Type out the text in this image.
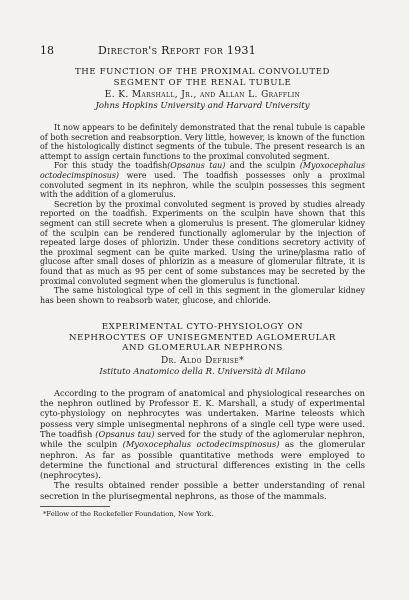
18	Director's Report for 1931
THE FUNCTION OF THE PROXIMAL CONVOLUTED
SEGMENT OF THE RENAL TUBULE
E. K. Marshall, Jr., and Allan L. Grafflin
Johns Hopkins University and Harvard University

It now appears to be definitely demonstrated that the renal tubule is capable of both secretion and reabsorption. Very little, however, is known of the function of the histologically distinct segments of the tubule. The present research is an attempt to assign certain functions to the proximal convoluted segment.

For this study the toadfish(Opsanus tau) and the sculpin (Myoxocephalus octodecimspinosus) were used. The toadfish possesses only a proximal convoluted segment in its nephron, while the sculpin possesses this segment with the addition of a glomerulus.

Secretion by the proximal convoluted segment is proved by studies already reported on the toadfish. Experiments on the sculpin have shown that this segment can still secrete when a glomerulus is present. The glomerular kidney of the sculpin can be rendered functionally aglomerular by the injection of repeated large doses of phlorizin. Under these conditions secretory activity of the proximal segment can be quite marked. Using the urine/plasma ratio of glucose after small doses of phlorizin as a measure of glomerular filtrate, it is found that as much as 95 per cent of some substances may be secreted by the proximal convoluted segment when the glomerulus is functional.

The same histological type of cell in this segment in the glomerular kidney has been shown to reabsorb water, glucose, and chloride.

EXPERIMENTAL CYTO-PHYSIOLOGY ON
NEPHROCYTES OF UNISEGMENTED AGLOMERULAR
AND GLOMERULAR NEPHRONS
Dr. Aldo Defrise*
Istituto Anatomico della R. Università di Milano

According to the program of anatomical and physiological researches on the nephron outlined by Professor E. K. Marshall, a study of experimental cyto-physiology on nephrocytes was undertaken. Marine teleosts which possess very simple unisegmental nephrons of a single cell type were used. The toadfish (Opsanus tau) served for the study of the aglomerular nephron, while the sculpin (Myoxocephalus octodecimspinosus) as the glomerular nephron. As far as possible quantitative methods were employed to determine the functional and structural differences existing in the cells (nephrocytes).

The results obtained render possible a better understanding of renal secretion in the plurisegmental nephrons, as those of the mammals.

*Fellow of the Rockefeller Foundation, New York.
